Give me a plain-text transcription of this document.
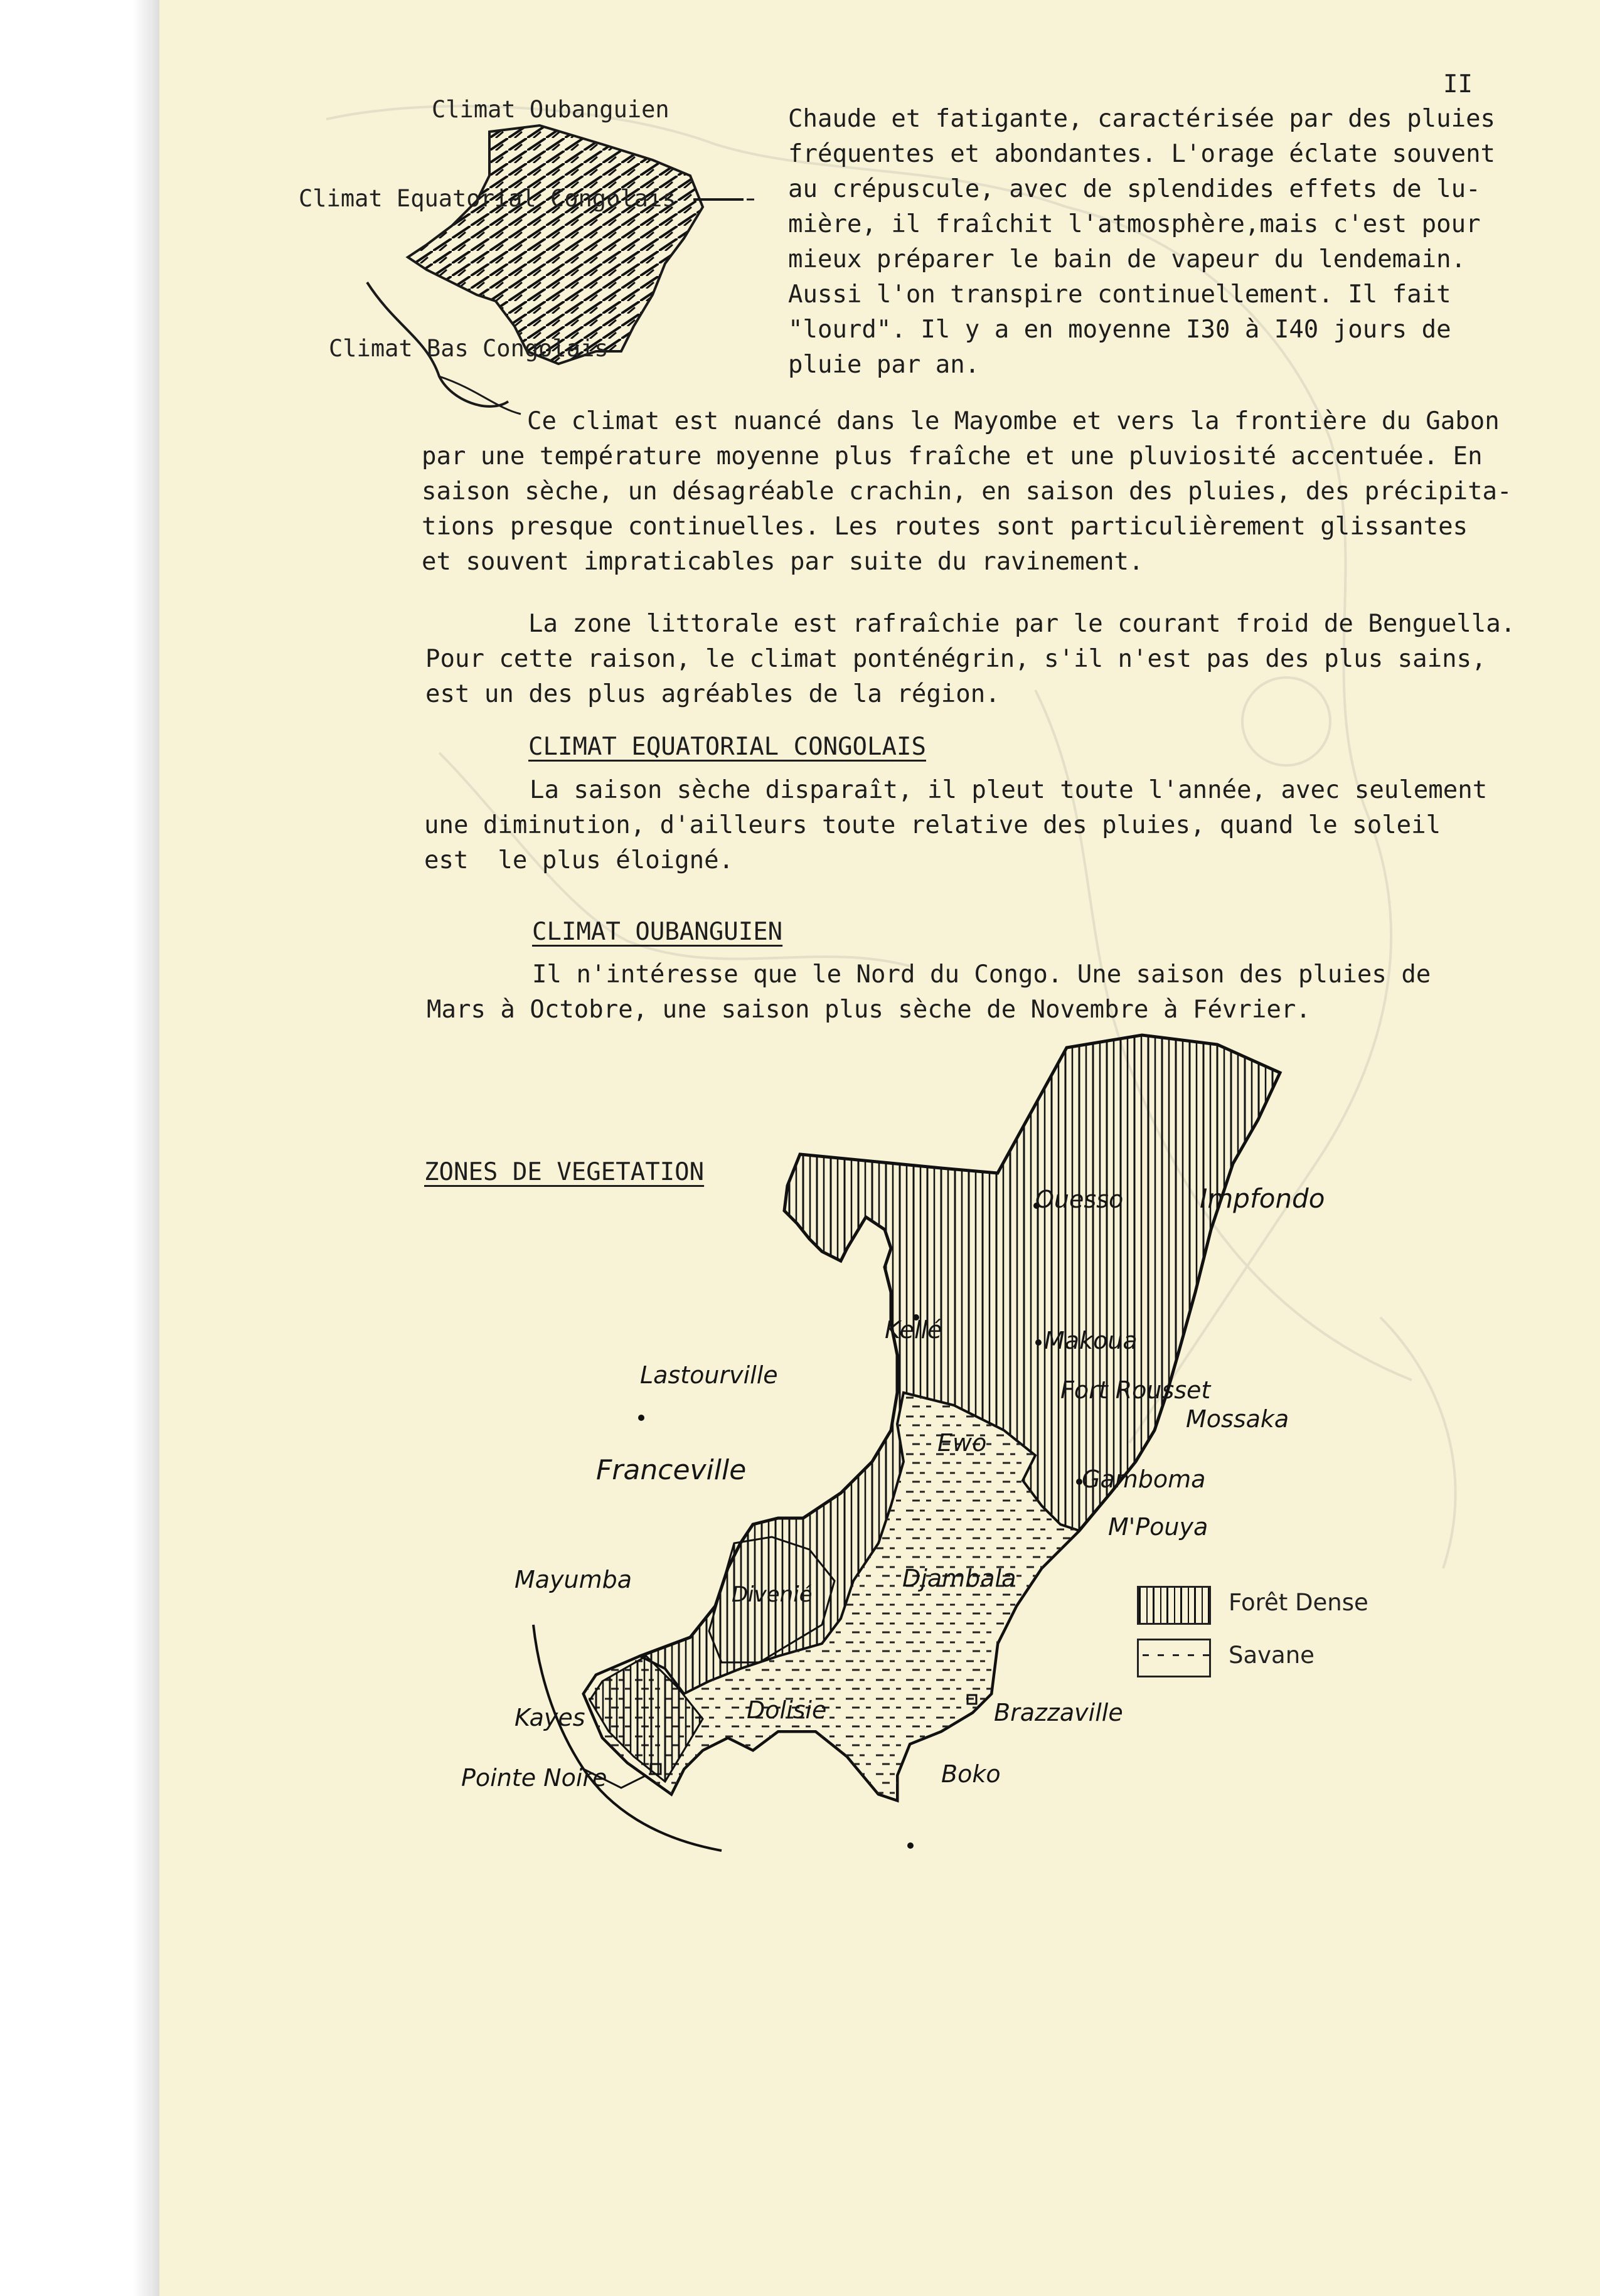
II
Climat Oubanguien
Climat Equatorial Congolais
Climat Bas Congolais
Chaude et fatigante, caractérisée par des pluies
fréquentes et abondantes. L'orage éclate souvent
au crépuscule, avec de splendides effets de lu-
mière, il fraîchit l'atmosphère,mais c'est pour
mieux préparer le bain de vapeur du lendemain.
Aussi l'on transpire continuellement. Il fait
"lourd". Il y a en moyenne I30 à I40 jours de
pluie par an.
Ce climat est nuancé dans le Mayombe et vers la frontière du Gabon
par une température moyenne plus fraîche et une pluviosité accentuée. En
saison sèche, un désagréable crachin, en saison des pluies, des précipita-
tions presque continuelles. Les routes sont particulièrement glissantes
et souvent impraticables par suite du ravinement.
La zone littorale est rafraîchie par le courant froid de Benguella.
Pour cette raison, le climat ponténégrin, s'il n'est pas des plus sains,
est un des plus agréables de la région.
CLIMAT EQUATORIAL CONGOLAIS
La saison sèche disparaît, il pleut toute l'année, avec seulement
une diminution, d'ailleurs toute relative des pluies, quand le soleil
est  le plus éloigné.
CLIMAT OUBANGUIEN
Il n'intéresse que le Nord du Congo. Une saison des pluies de
Mars à Octobre, une saison plus sèche de Novembre à Février.
ZONES DE VEGETATION
Ouesso	Impfondo
Kellé	Makoua
Fort Rousset
Mossaka
Ewo
Gamboma
M'Pouya
Djambala
Divenié
Dolisie	Brazzaville
Boko
Kayes
Pointe Noire
Mayumba
Lastourville
Franceville
Forêt Dense
Savane
